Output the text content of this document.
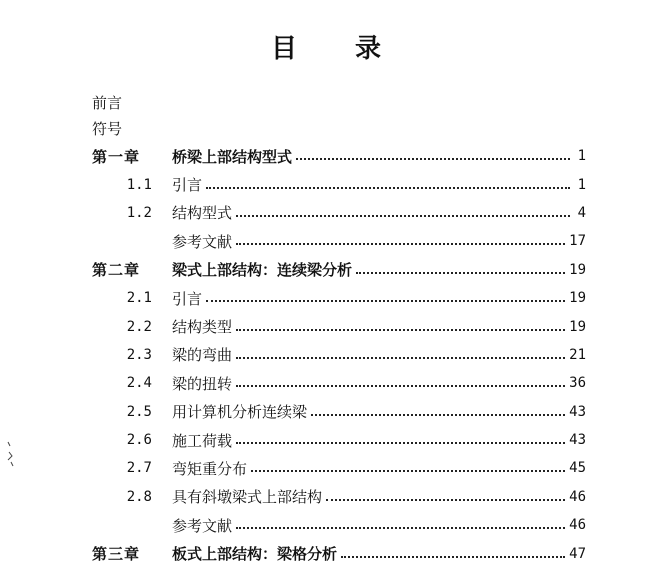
目 录
前言
符号
第一章	桥梁上部结构型式	1
1.1	引言	1
1.2	结构型式	4
参考文献	17
第二章	梁式上部结构：连续梁分析	19
2.1	引言	19
2.2	结构类型	19
2.3	梁的弯曲	21
2.4	梁的扭转	36
2.5	用计算机分析连续梁	43
2.6	施工荷载	43
2.7	弯矩重分布	45
2.8	具有斜墩梁式上部结构	46
参考文献	46
第三章	板式上部结构：梁格分析	47
